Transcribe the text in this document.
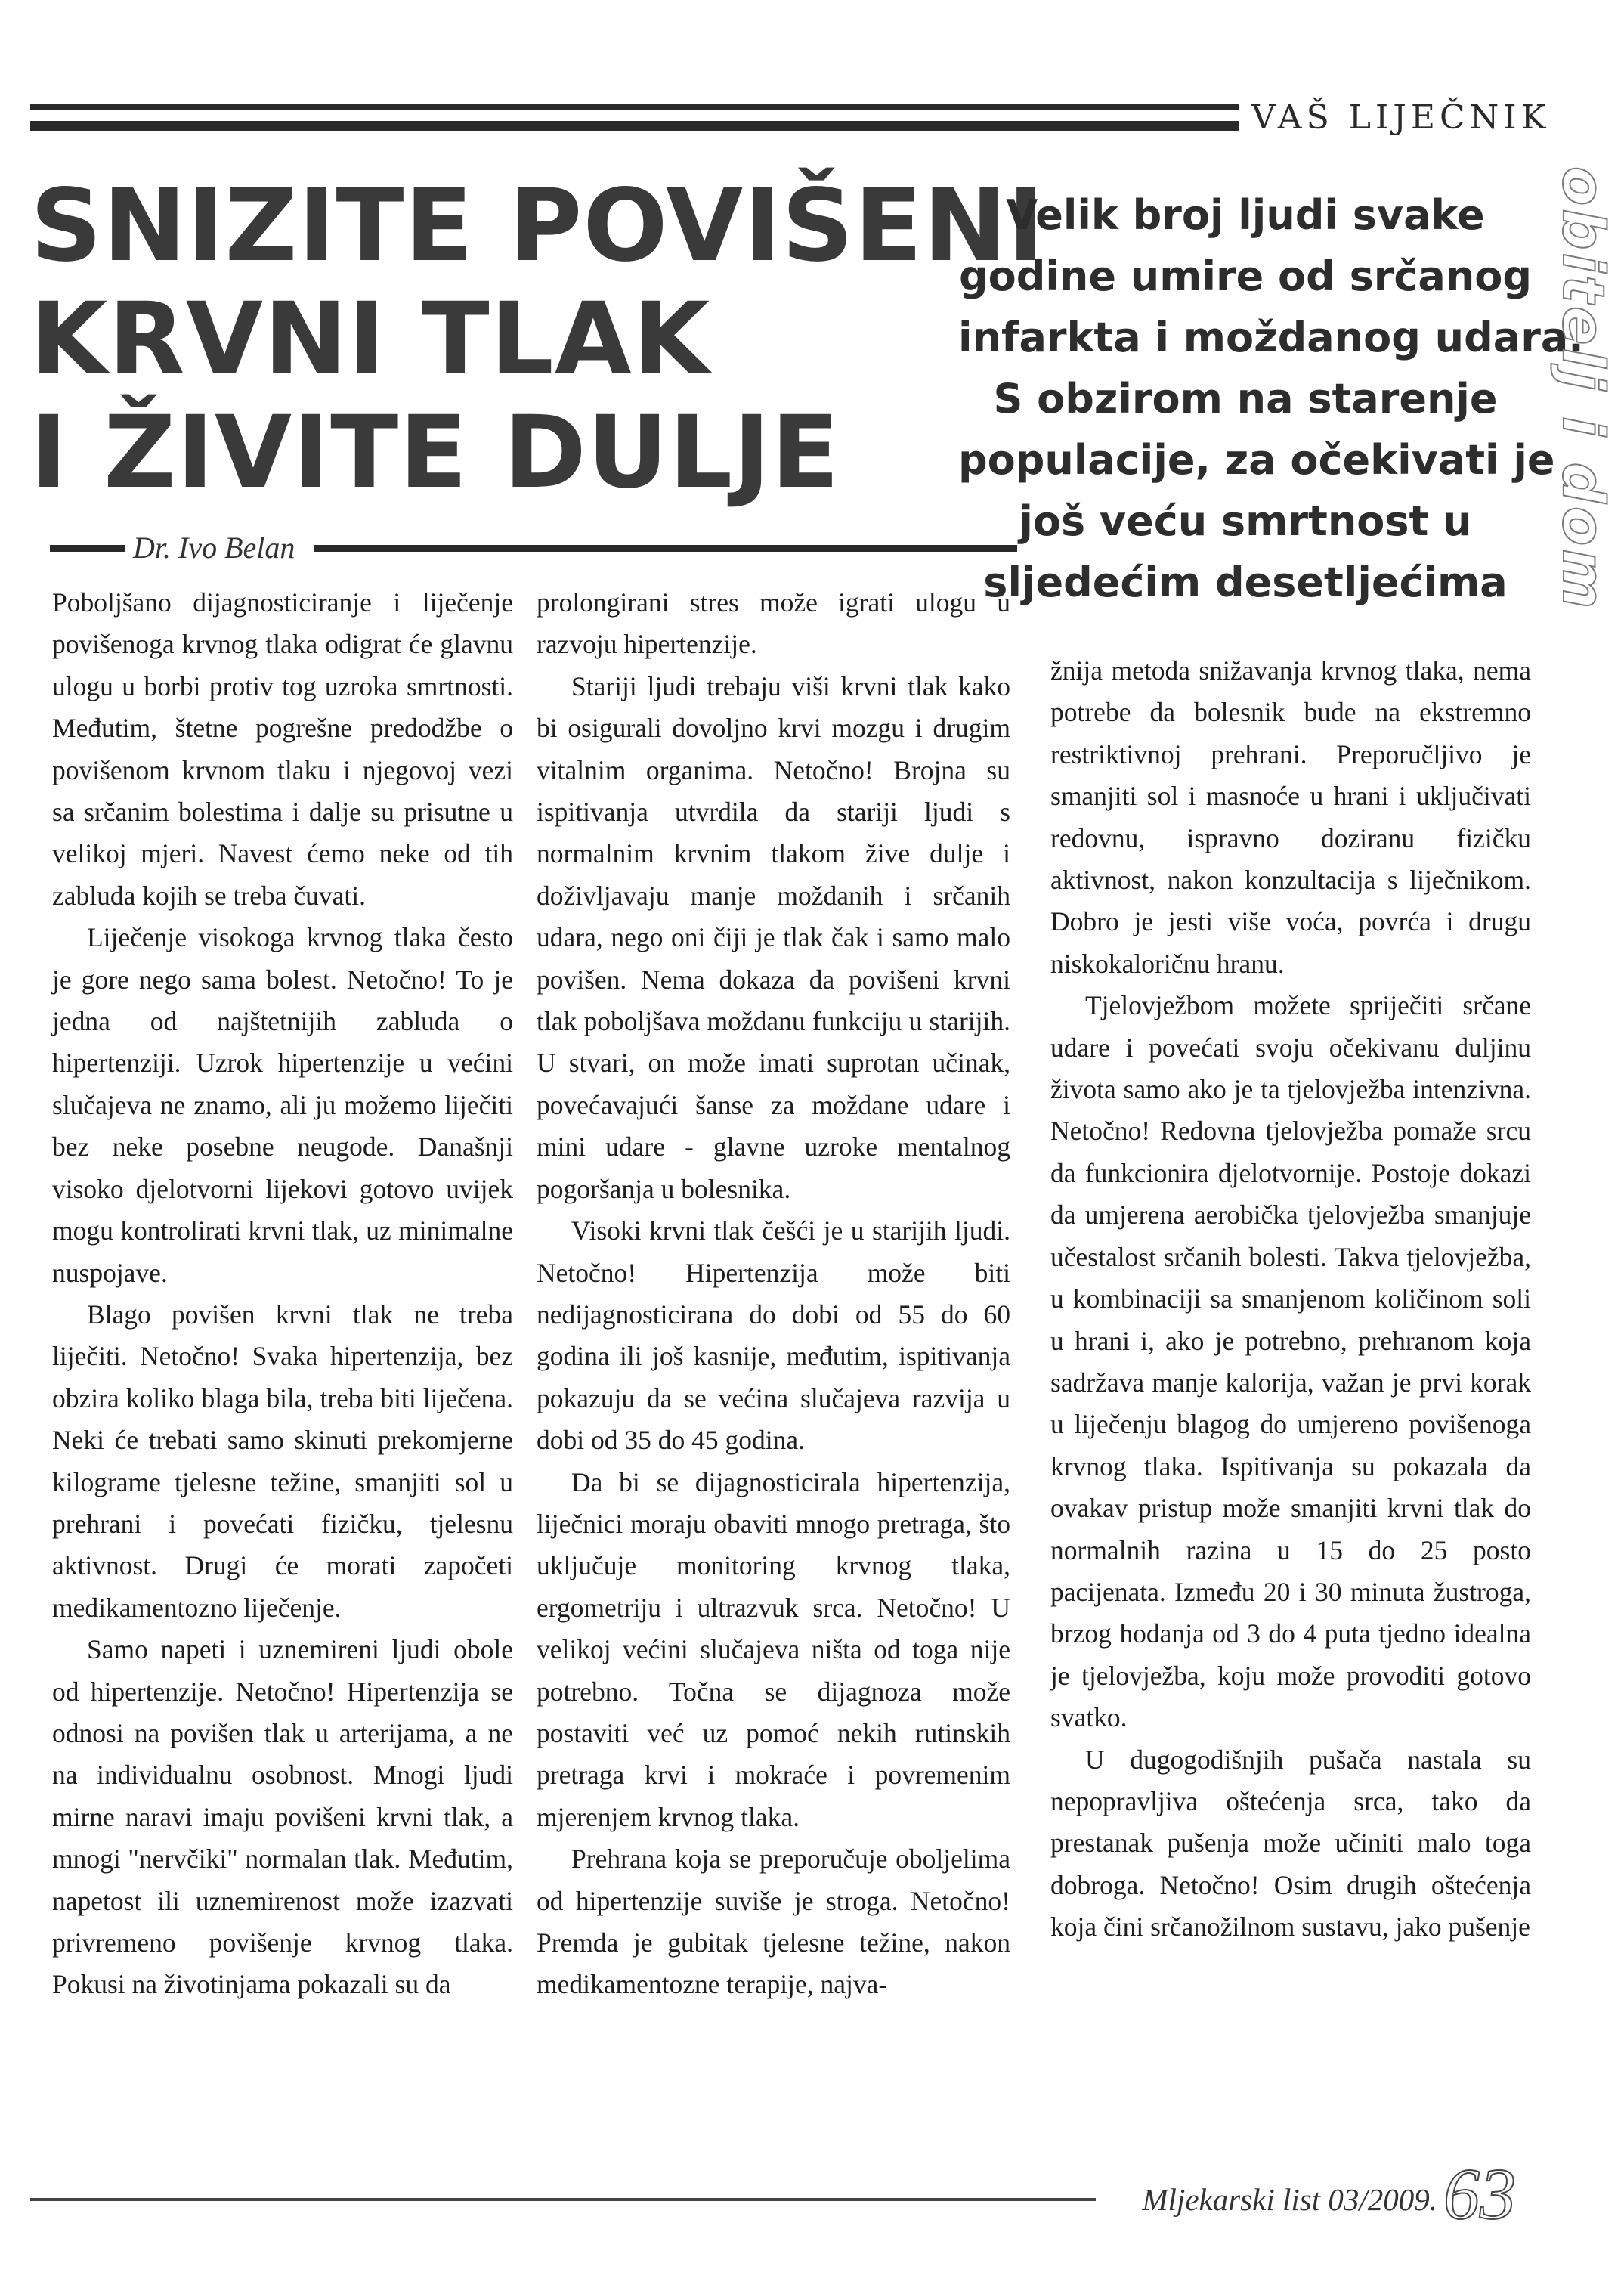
VAŠ LIJEČNIK
SNIZITE POVIŠENI
KRVNI TLAK
I ŽIVITE DULJE
Dr. Ivo Belan
Velik broj ljudi svake
godine umire od srčanog
infarkta i moždanog udara.
S obzirom na starenje
populacije, za očekivati je
još veću smrtnost u
sljedećim desetljećima

Poboljšano dijagnosticiranje i liječenje povišenoga krvnog tlaka odigrat će glavnu ulogu u borbi protiv tog uzroka smrtnosti. Međutim, štetne pogrešne predodžbe o povišenom krvnom tlaku i njegovoj vezi sa srčanim bolestima i dalje su prisutne u velikoj mjeri. Navest ćemo neke od tih zabluda kojih se treba čuvati.

Liječenje visokoga krvnog tlaka često je gore nego sama bolest. Netočno! To je jedna od najštetnijih zabluda o hipertenziji. Uzrok hipertenzije u većini slučajeva ne znamo, ali ju možemo liječiti bez neke posebne neugode. Današnji visoko djelotvorni lijekovi gotovo uvijek mogu kontrolirati krvni tlak, uz minimalne nuspojave.

Blago povišen krvni tlak ne treba liječiti. Netočno! Svaka hipertenzija, bez obzira koliko blaga bila, treba biti liječena. Neki će trebati samo skinuti prekomjerne kilograme tjelesne težine, smanjiti sol u prehrani i povećati fizičku, tjelesnu aktivnost. Drugi će morati započeti medikamentozno liječenje.

Samo napeti i uznemireni ljudi obole od hipertenzije. Netočno! Hipertenzija se odnosi na povišen tlak u arterijama, a ne na individualnu osobnost. Mnogi ljudi mirne naravi imaju povišeni krvni tlak, a mnogi "nervčiki" normalan tlak. Međutim, napetost ili uznemirenost može izazvati privremeno povišenje krvnog tlaka. Pokusi na životinjama pokazali su da

prolongirani stres može igrati ulogu u razvoju hipertenzije.

Stariji ljudi trebaju viši krvni tlak kako bi osigurali dovoljno krvi mozgu i drugim vitalnim organima. Netočno! Brojna su ispitivanja utvrdila da stariji ljudi s normalnim krvnim tlakom žive dulje i doživljavaju manje moždanih i srčanih udara, nego oni čiji je tlak čak i samo malo povišen. Nema dokaza da povišeni krvni tlak poboljšava moždanu funkciju u starijih. U stvari, on može imati suprotan učinak, povećavajući šanse za moždane udare i mini udare - glavne uzroke mentalnog pogoršanja u bolesnika.

Visoki krvni tlak češći je u starijih ljudi. Netočno! Hipertenzija može biti nedijagnosticirana do dobi od 55 do 60 godina ili još kasnije, međutim, ispitivanja pokazuju da se većina slučajeva razvija u dobi od 35 do 45 godina.

Da bi se dijagnosticirala hipertenzija, liječnici moraju obaviti mnogo pretraga, što uključuje monitoring krvnog tlaka, ergometriju i ultrazvuk srca. Netočno! U velikoj većini slučajeva ništa od toga nije potrebno. Točna se dijagnoza može postaviti već uz pomoć nekih rutinskih pretraga krvi i mokraće i povremenim mjerenjem krvnog tlaka.

Prehrana koja se preporučuje oboljelima od hipertenzije suviše je stroga. Netočno! Premda je gubitak tjelesne težine, nakon medikamentozne terapije, najva-

žnija metoda snižavanja krvnog tlaka, nema potrebe da bolesnik bude na ekstremno restriktivnoj prehrani. Preporučljivo je smanjiti sol i masnoće u hrani i uključivati redovnu, ispravno doziranu fizičku aktivnost, nakon konzultacija s liječnikom. Dobro je jesti više voća, povrća i drugu niskokaloričnu hranu.

Tjelovježbom možete spriječiti srčane udare i povećati svoju očekivanu duljinu života samo ako je ta tjelovježba intenzivna. Netočno! Redovna tjelovježba pomaže srcu da funkcionira djelotvornije. Postoje dokazi da umjerena aerobička tjelovježba smanjuje učestalost srčanih bolesti. Takva tjelovježba, u kombinaciji sa smanjenom količinom soli u hrani i, ako je potrebno, prehranom koja sadržava manje kalorija, važan je prvi korak u liječenju blagog do umjereno povišenoga krvnog tlaka. Ispitivanja su pokazala da ovakav pristup može smanjiti krvni tlak do normalnih razina u 15 do 25 posto pacijenata. Između 20 i 30 minuta žustroga, brzog hodanja od 3 do 4 puta tjedno idealna je tjelovježba, koju može provoditi gotovo svatko.

U dugogodišnjih pušača nastala su nepopravljiva oštećenja srca, tako da prestanak pušenja može učiniti malo toga dobroga. Netočno! Osim drugih oštećenja koja čini srčanožilnom sustavu, jako pušenje

obitelj i dom
Mljekarski list 03/2009. 63
